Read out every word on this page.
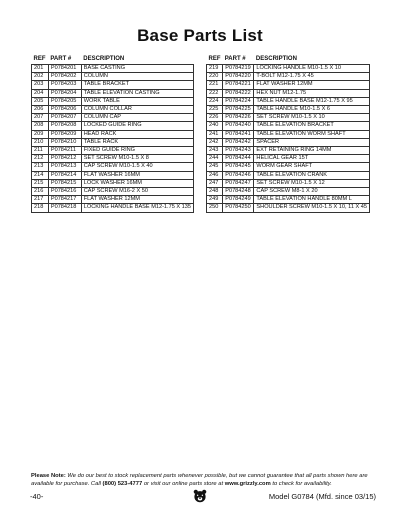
Base Parts List
REF	PART #	DESCRIPTION
201	P0784201	BASE CASTING
202	P0784202	COLUMN
203	P0784203	TABLE BRACKET
204	P0784204	TABLE ELEVATION CASTING
205	P0784205	WORK TABLE
206	P0784206	COLUMN COLLAR
207	P0784207	COLUMN CAP
208	P0784208	LOCKED GUIDE RING
209	P0784209	HEAD RACK
210	P0784210	TABLE RACK
211	P0784211	FIXED GUIDE RING
212	P0784212	SET SCREW M10-1.5 X 8
213	P0784213	CAP SCREW M10-1.5 X 40
214	P0784214	FLAT WASHER 16MM
215	P0784215	LOCK WASHER 16MM
216	P0784216	CAP SCREW M16-2 X 50
217	P0784217	FLAT WASHER 12MM
218	P0784218	LOCKING HANDLE BASE M12-1.75 X 135
REF	PART #	DESCRIPTION
219	P0784219	LOCKING HANDLE M10-1.5 X 10
220	P0784220	T-BOLT M12-1.75 X 45
221	P0784221	FLAT WASHER 12MM
222	P0784222	HEX NUT M12-1.75
224	P0784224	TABLE HANDLE BASE M12-1.75 X 95
225	P0784225	TABLE HANDLE M10-1.5 X 6
226	P0784226	SET SCREW M10-1.5 X 10
240	P0784240	TABLE ELEVATION BRACKET
241	P0784241	TABLE ELEVATION WORM SHAFT
242	P0784242	SPACER
243	P0784243	EXT RETAINING RING 14MM
244	P0784244	HELICAL GEAR 15T
245	P0784245	WORM GEAR SHAFT
246	P0784246	TABLE ELEVATION CRANK
247	P0784247	SET SCREW M10-1.5 X 12
248	P0784248	CAP SCREW M8-1 X 20
249	P0784249	TABLE ELEVATION HANDLE 80MM L
250	P0784250	SHOULDER SCREW M10-1.5 X 10, 11 X 45
Please Note: We do our best to stock replacement parts whenever possible, but we cannot guarantee that all parts shown here are available for purchase. Call (800) 523-4777 or visit our online parts store at www.grizzly.com to check for availability.
-40-	Model G0784 (Mfd. since 03/15)
